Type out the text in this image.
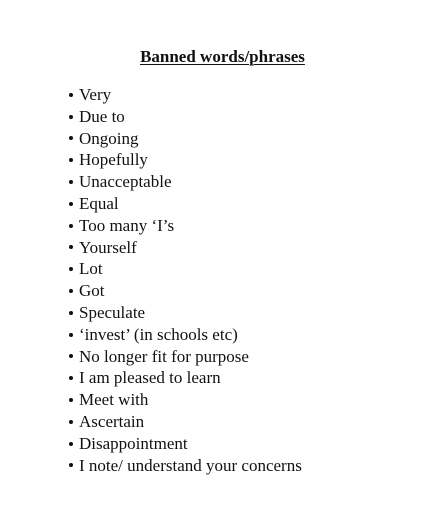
Banned words/phrases
Very
Due to
Ongoing
Hopefully
Unacceptable
Equal
Too many ‘I’s
Yourself
Lot
Got
Speculate
‘invest’ (in schools etc)
No longer fit for purpose
I am pleased to learn
Meet with
Ascertain
Disappointment
I note/ understand your concerns
